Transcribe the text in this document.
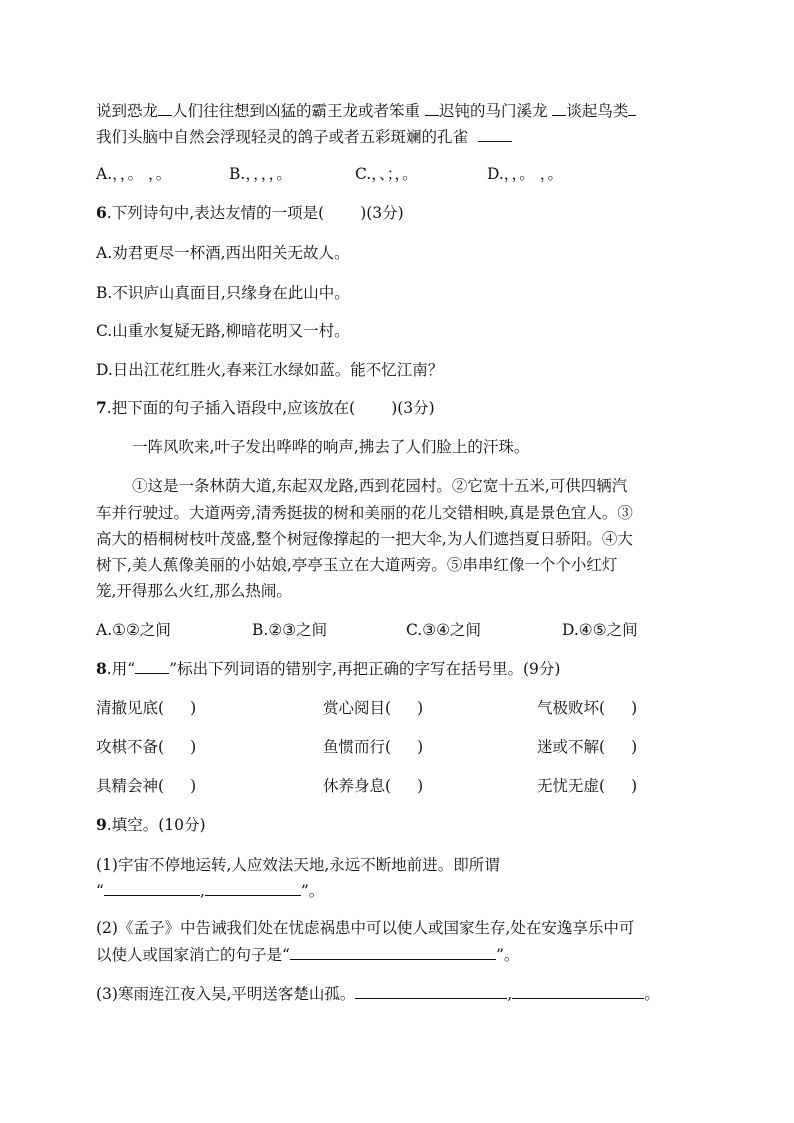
说到恐龙 人们往往想到凶猛的霸王龙或者笨重 迟钝的马门溪龙 谈起鸟类
我们头脑中自然会浮现轻灵的鸽子或者五彩斑斓的孔雀
A.，，。 ，。	B.，，，，。	C.，、；，。	D.，，。 ，。
6.下列诗句中,表达友情的一项是( )(3分)
A.劝君更尽一杯酒,西出阳关无故人。
B.不识庐山真面目,只缘身在此山中。
C.山重水复疑无路,柳暗花明又一村。
D.日出江花红胜火,春来江水绿如蓝。能不忆江南？
7.把下面的句子插入语段中,应该放在( )(3分)
一阵风吹来,叶子发出哗哗的响声,拂去了人们脸上的汗珠。
①这是一条林荫大道,东起双龙路,西到花园村。②它宽十五米,可供四辆汽
车并行驶过。大道两旁,清秀挺拔的树和美丽的花儿交错相映,真是景色宜人。③
高大的梧桐树枝叶茂盛,整个树冠像撑起的一把大伞,为人们遮挡夏日骄阳。④大
树下,美人蕉像美丽的小姑娘,亭亭玉立在大道两旁。⑤串串红像一个个小红灯
笼,开得那么火红,那么热闹。
A.①②之间	B.②③之间	C.③④之间	D.④⑤之间
8.用“ ”标出下列词语的错别字,再把正确的字写在括号里。(9分)
清撤见底( )	赏心阅目( )	气极败坏( )
攻棋不备( )	鱼惯而行( )	迷或不解( )
具精会神( )	休养身息( )	无忧无虚( )
9.填空。(10分)
(1)宇宙不停地运转,人应效法天地,永远不断地前进。即所谓
“	,	”。
(2)《孟子》中告诫我们处在忧虑祸患中可以使人或国家生存,处在安逸享乐中可
以使人或国家消亡的句子是“	”。
(3)寒雨连江夜入吴,平明送客楚山孤。	,	。
